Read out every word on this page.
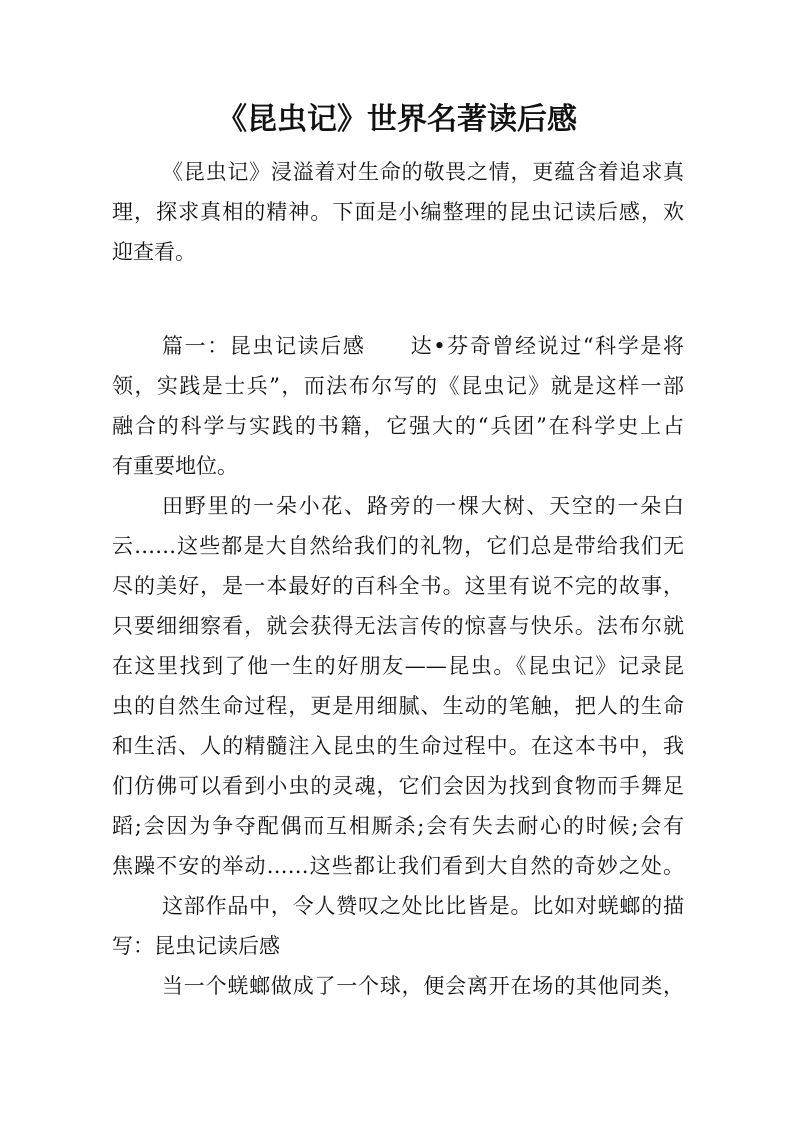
《昆虫记》世界名著读后感
《昆虫记》浸溢着对生命的敬畏之情，更蕴含着追求真
理，探求真相的精神。下面是小编整理的昆虫记读后感，欢
迎查看。
篇一：昆虫记读后感　　达•芬奇曾经说过“科学是将
领，实践是士兵”，而法布尔写的《昆虫记》就是这样一部
融合的科学与实践的书籍，它强大的“兵团”在科学史上占
有重要地位。
田野里的一朵小花、路旁的一棵大树、天空的一朵白
云……这些都是大自然给我们的礼物，它们总是带给我们无
尽的美好，是一本最好的百科全书。这里有说不完的故事，
只要细细察看，就会获得无法言传的惊喜与快乐。法布尔就
在这里找到了他一生的好朋友——昆虫。《昆虫记》记录昆
虫的自然生命过程，更是用细腻、生动的笔触，把人的生命
和生活、人的精髓注入昆虫的生命过程中。在这本书中，我
们仿佛可以看到小虫的灵魂，它们会因为找到食物而手舞足
蹈;会因为争夺配偶而互相厮杀;会有失去耐心的时候;会有
焦躁不安的举动……这些都让我们看到大自然的奇妙之处。
这部作品中，令人赞叹之处比比皆是。比如对蜣螂的描
写：昆虫记读后感
当一个蜣螂做成了一个球，便会离开在场的其他同类，
